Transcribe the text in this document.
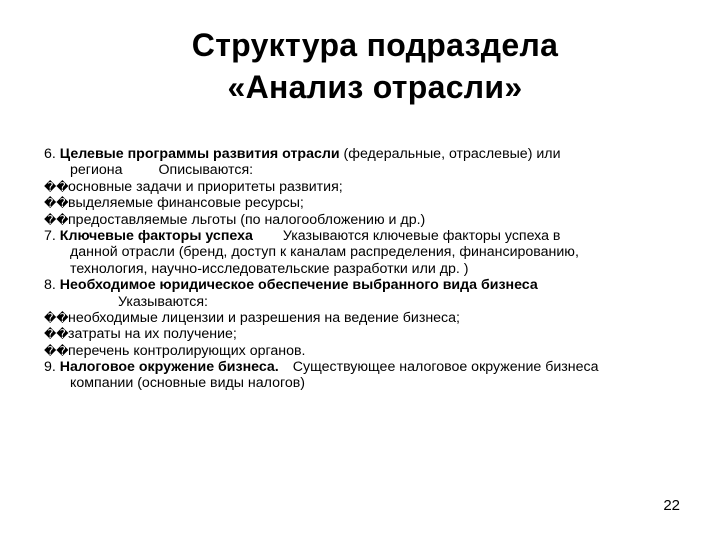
Структура подраздела
«Анализ отрасли»
6. Целевые программы развития отрасли (федеральные, отраслевые) или
региона	Описываются:
��основные задачи и приоритеты развития;
��выделяемые финансовые ресурсы;
��предоставляемые льготы (по налогообложению и др.)
7. Ключевые факторы успеха Указываются ключевые факторы успеха в
данной отрасли (бренд, доступ к каналам распределения, финансированию,
технология, научно-исследовательские разработки или др. )
8. Необходимое юридическое обеспечение выбранного вида бизнеса
Указываются:
��необходимые лицензии и разрешения на ведение бизнеса;
��затраты на их получение;
��перечень контролирующих органов.
9. Налоговое окружение бизнеса. Существующее налоговое окружение бизнеса
компании (основные виды налогов)
22
